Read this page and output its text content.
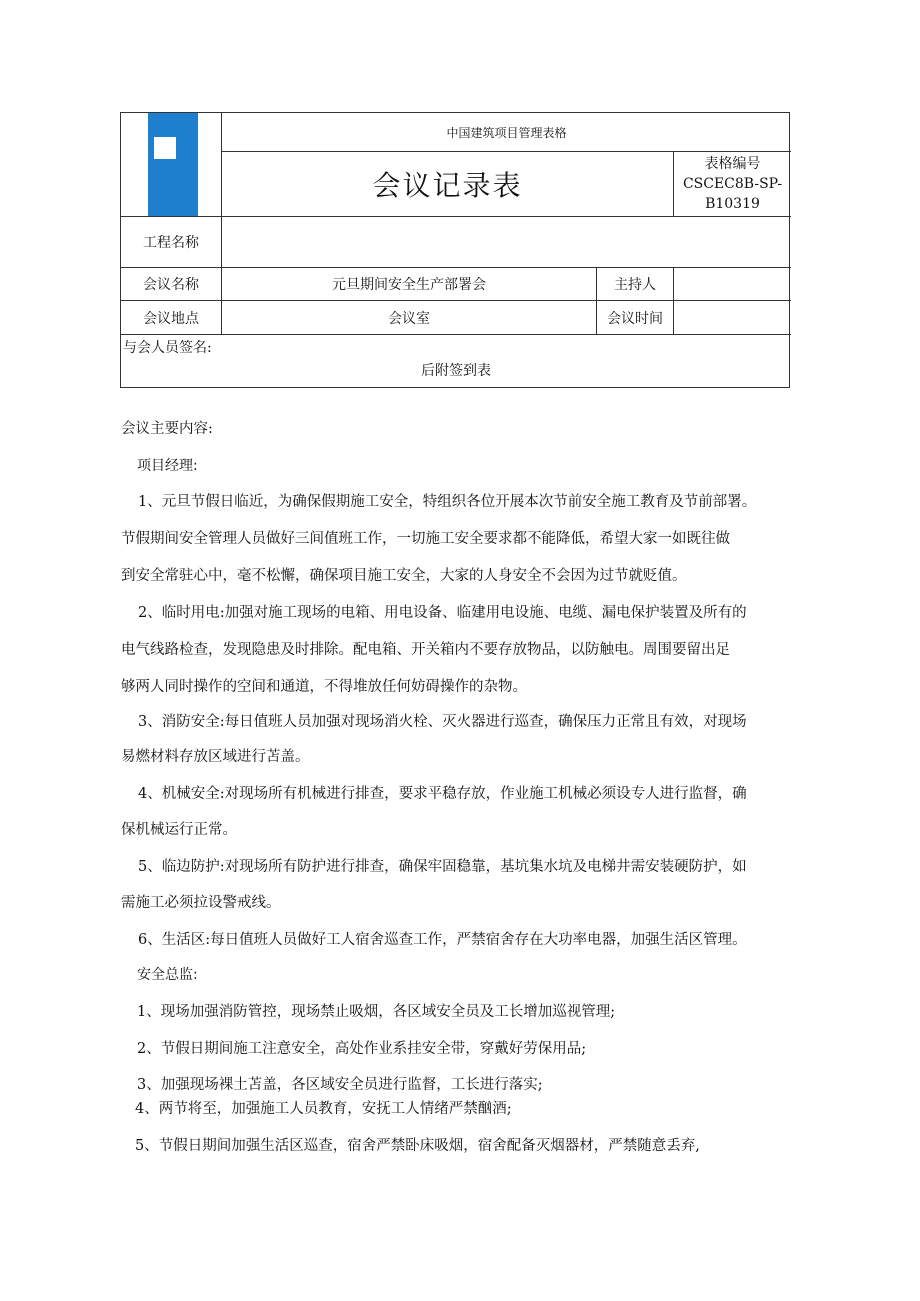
中国建筑项目管理表格
会议记录表
表格编号
CSCEC8B-SP-
B10319
工程名称
会议名称	元旦期间安全生产部署会	主持人
会议地点	会议室	会议时间
与会人员签名:
后附签到表
会议主要内容:
项目经理:
1、元旦节假日临近，为确保假期施工安全，特组织各位开展本次节前安全施工教育及节前部署。
节假期间安全管理人员做好三间值班工作，一切施工安全要求都不能降低，希望大家一如既往做
到安全常驻心中，毫不松懈，确保项目施工安全，大家的人身安全不会因为过节就贬值。
2、临时用电:加强对施工现场的电箱、用电设备、临建用电设施、电缆、漏电保护装置及所有的
电气线路检查，发现隐患及时排除。配电箱、开关箱内不要存放物品，以防触电。周围要留出足
够两人同时操作的空间和通道，不得堆放任何妨碍操作的杂物。
3、消防安全:每日值班人员加强对现场消火栓、灭火器进行巡查，确保压力正常且有效，对现场
易燃材料存放区域进行苫盖。
4、机械安全:对现场所有机械进行排查，要求平稳存放，作业施工机械必须设专人进行监督，确
保机械运行正常。
5、临边防护:对现场所有防护进行排查，确保牢固稳靠，基坑集水坑及电梯井需安装硬防护，如
需施工必须拉设警戒线。
6、生活区:每日值班人员做好工人宿舍巡查工作，严禁宿舍存在大功率电器，加强生活区管理。
安全总监:
1、现场加强消防管控，现场禁止吸烟，各区域安全员及工长增加巡视管理;
2、节假日期间施工注意安全，高处作业系挂安全带，穿戴好劳保用品;
3、加强现场裸土苫盖，各区域安全员进行监督，工长进行落实;
4、两节将至，加强施工人员教育，安抚工人情绪严禁酗酒;
5、节假日期间加强生活区巡查，宿舍严禁卧床吸烟，宿舍配备灭烟器材，严禁随意丢弃,
